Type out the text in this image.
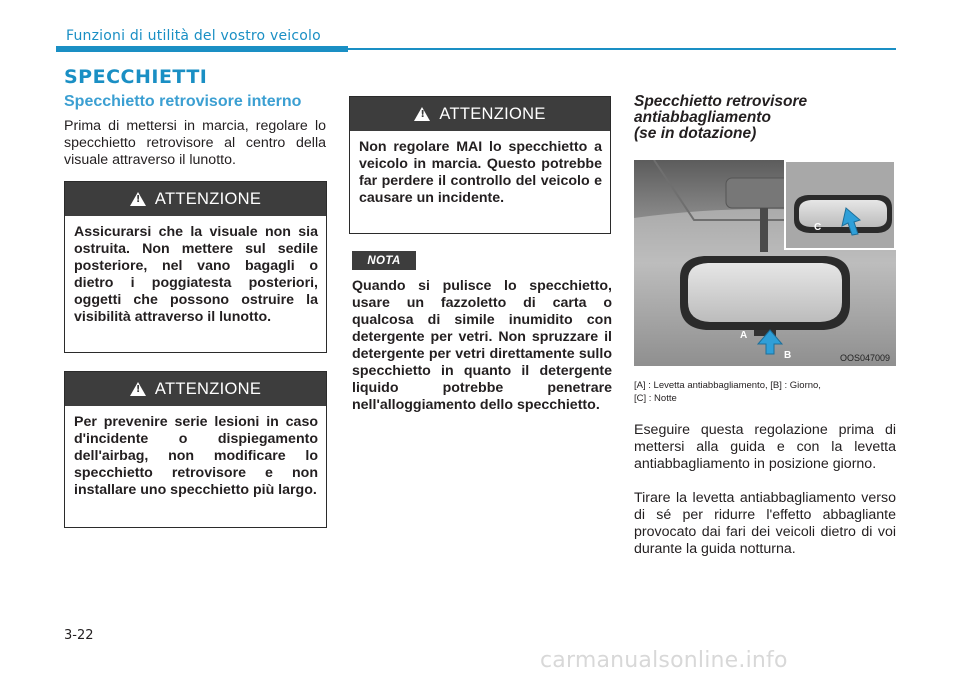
Funzioni di utilità del vostro veicolo
SPECCHIETTI
Specchietto retrovisore interno
Prima di mettersi in marcia, regolare lo specchietto retrovisore al centro della visuale attraverso il lunotto.
!
ATTENZIONE
Assicurarsi che la visuale non sia ostruita. Non mettere sul sedile posteriore, nel vano bagagli o dietro i poggiatesta posteriori, oggetti che possono ostruire la visibilità attraverso il lunotto.
!
ATTENZIONE
Per prevenire serie lesioni in caso d'incidente o dispiegamento dell'airbag, non modificare lo specchietto retrovisore e non installare uno specchietto più largo.
!
ATTENZIONE
Non regolare MAI lo specchietto a veicolo in marcia. Questo potrebbe far perdere il controllo del veicolo e causare un incidente.
NOTA
Quando si pulisce lo specchietto, usare un fazzoletto di carta o qualcosa di simile inumidito con detergente per vetri. Non spruzzare il detergente per vetri direttamente sullo specchietto in quanto il detergente liquido potrebbe penetrare nell'alloggiamento dello specchietto.
Specchietto retrovisore
antiabbagliamento
(se in dotazione)
C
A
B	OOS047009
[A] : Levetta antiabbagliamento, [B] : Giorno,
[C] : Notte
Eseguire questa regolazione prima di mettersi alla guida e con la levetta antiabbagliamento in posizione giorno.
Tirare la levetta antiabbagliamento verso di sé per ridurre l'effetto abbagliante provocato dai fari dei veicoli dietro di voi durante la guida notturna.
3-22
carmanualsonline.info
